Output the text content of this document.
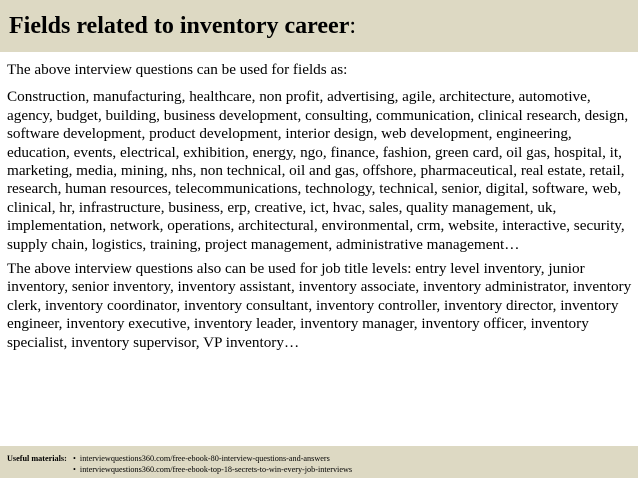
Fields related to inventory career:

The above interview questions can be used for fields as:

Construction, manufacturing, healthcare, non profit, advertising, agile, architecture, automotive, agency, budget, building, business development, consulting, communication, clinical research, design, software development, product development, interior design, web development, engineering, education, events, electrical, exhibition, energy, ngo, finance, fashion, green card, oil gas, hospital, it, marketing, media, mining, nhs, non technical, oil and gas, offshore, pharmaceutical, real estate, retail, research, human resources, telecommunications, technology, technical, senior, digital, software, web, clinical, hr, infrastructure, business, erp, creative, ict, hvac, sales, quality management, uk, implementation, network, operations, architectural, environmental, crm, website, interactive, security, supply chain, logistics, training, project management, administrative management…

The above interview questions also can be used for job title levels: entry level inventory, junior inventory, senior inventory, inventory assistant, inventory associate, inventory administrator, inventory clerk, inventory coordinator, inventory consultant, inventory controller, inventory director, inventory engineer, inventory executive, inventory leader, inventory manager, inventory officer, inventory specialist, inventory supervisor, VP inventory…

Useful materials: • interviewquestions360.com/free-ebook-80-interview-questions-and-answers
• interviewquestions360.com/free-ebook-top-18-secrets-to-win-every-job-interviews
